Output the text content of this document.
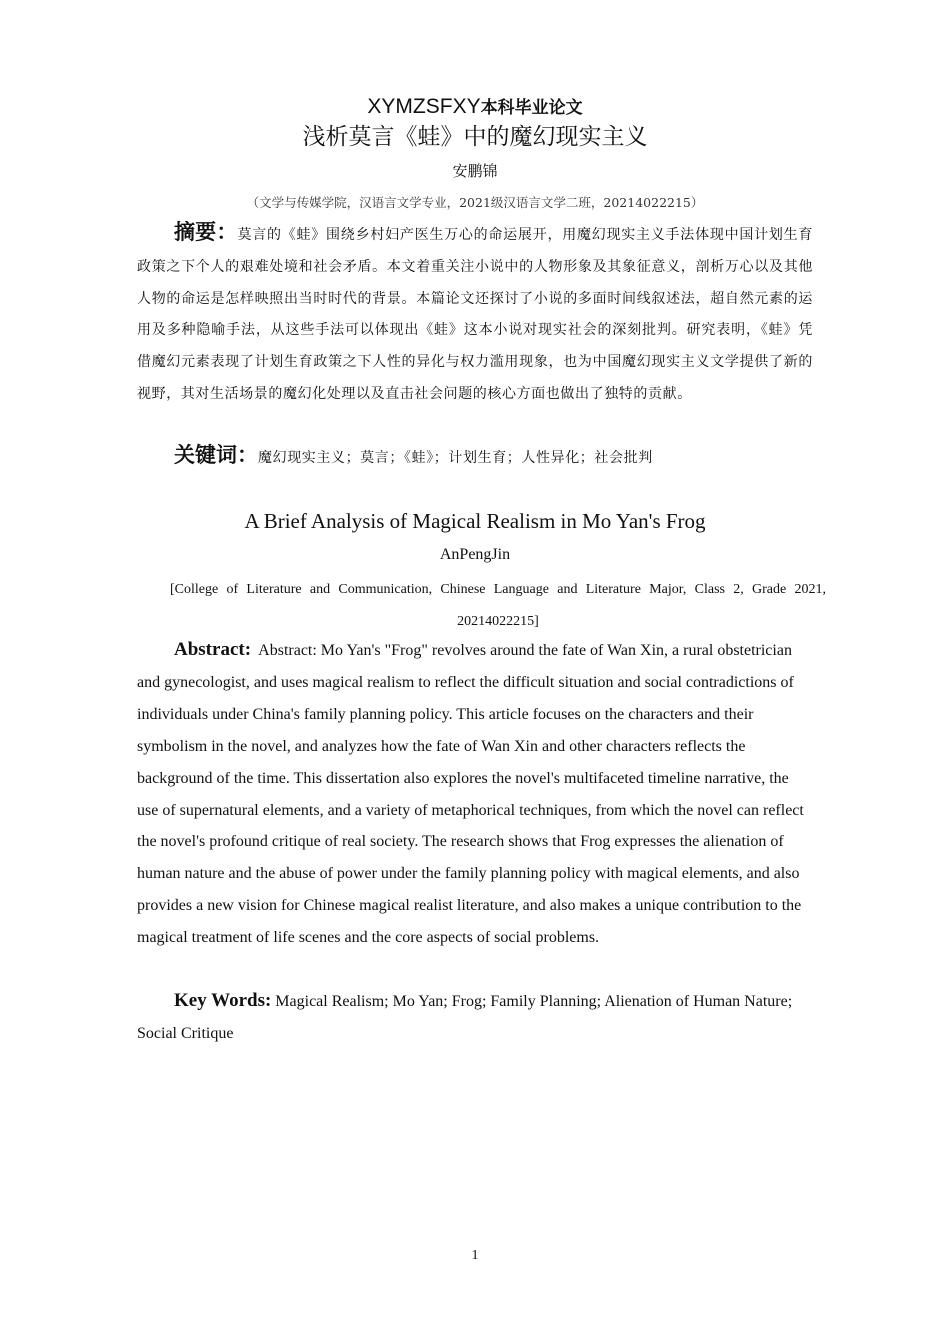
XYMZSFXY本科毕业论文
浅析莫言《蛙》中的魔幻现实主义
安鹏锦
（文学与传媒学院，汉语言文学专业，2021级汉语言文学二班，20214022215）
摘要：莫言的《蛙》围绕乡村妇产医生万心的命运展开，用魔幻现实主义手法体现中国计划生育政策之下个人的艰难处境和社会矛盾。本文着重关注小说中的人物形象及其象征意义，剖析万心以及其他人物的命运是怎样映照出当时时代的背景。本篇论文还探讨了小说的多面时间线叙述法，超自然元素的运用及多种隐喻手法，从这些手法可以体现出《蛙》这本小说对现实社会的深刻批判。研究表明，《蛙》凭借魔幻元素表现了计划生育政策之下人性的异化与权力滥用现象，也为中国魔幻现实主义文学提供了新的视野，其对生活场景的魔幻化处理以及直击社会问题的核心方面也做出了独特的贡献。
关键词：魔幻现实主义；莫言；《蛙》；计划生育；人性异化；社会批判
A Brief Analysis of Magical Realism in Mo Yan's Frog
AnPengJin
[College of Literature and Communication, Chinese Language and Literature Major, Class 2, Grade 2021, 20214022215]
Abstract: Abstract: Mo Yan's "Frog" revolves around the fate of Wan Xin, a rural obstetrician and gynecologist, and uses magical realism to reflect the difficult situation and social contradictions of individuals under China's family planning policy. This article focuses on the characters and their symbolism in the novel, and analyzes how the fate of Wan Xin and other characters reflects the background of the time. This dissertation also explores the novel's multifaceted timeline narrative, the use of supernatural elements, and a variety of metaphorical techniques, from which the novel can reflect the novel's profound critique of real society. The research shows that Frog expresses the alienation of human nature and the abuse of power under the family planning policy with magical elements, and also provides a new vision for Chinese magical realist literature, and also makes a unique contribution to the magical treatment of life scenes and the core aspects of social problems.
Key Words: Magical Realism; Mo Yan; Frog; Family Planning; Alienation of Human Nature; Social Critique
1
